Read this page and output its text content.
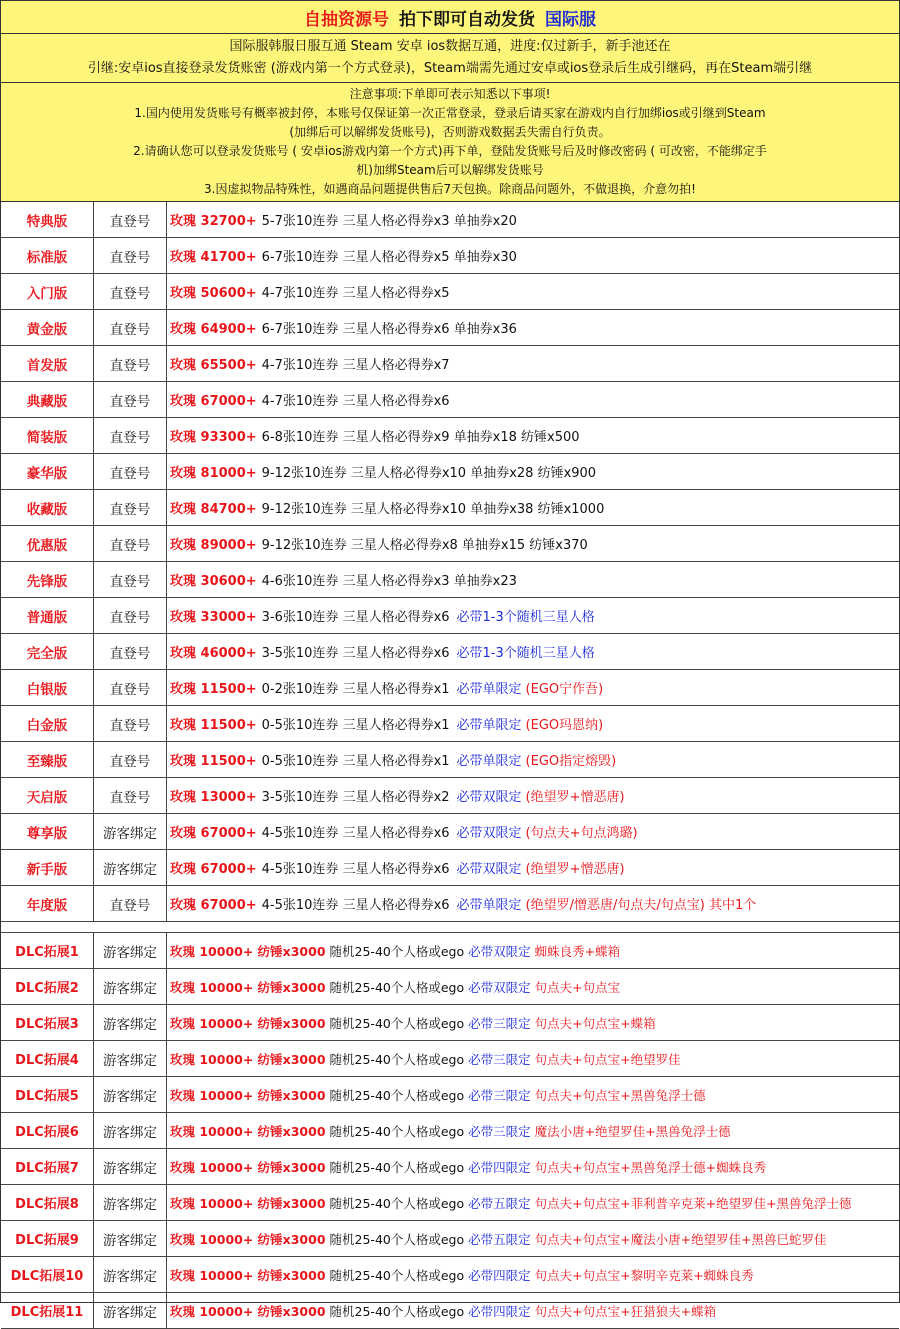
自抽资源号 拍下即可自动发货 国际服
国际服韩服日服互通 Steam 安卓 ios数据互通，进度:仅过新手，新手池还在
引继:安卓ios直接登录发货账密 (游戏内第一个方式登录)，Steam端需先通过安卓或ios登录后生成引继码，再在Steam端引继
注意事项:下单即可表示知悉以下事项!
1.国内使用发货账号有概率被封停，本账号仅保证第一次正常登录，登录后请买家在游戏内自行加绑ios或引继到Steam
(加绑后可以解绑发货账号)，否则游戏数据丢失需自行负责。
2.请确认您可以登录发货账号 ( 安卓ios游戏内第一个方式)再下单，登陆发货账号后及时修改密码 ( 可改密，不能绑定手
机)加绑Steam后可以解绑发货账号
3.因虚拟物品特殊性，如遇商品问题提供售后7天包换。除商品问题外，不做退换，介意勿拍!
特典版	直登号	玫瑰 32700+ 5-7张10连券 三星人格必得券x3 单抽券x20
标准版	直登号	玫瑰 41700+ 6-7张10连券 三星人格必得券x5 单抽券x30
入门版	直登号	玫瑰 50600+ 4-7张10连券 三星人格必得券x5
黄金版	直登号	玫瑰 64900+ 6-7张10连券 三星人格必得券x6 单抽券x36
首发版	直登号	玫瑰 65500+ 4-7张10连券 三星人格必得券x7
典藏版	直登号	玫瑰 67000+ 4-7张10连券 三星人格必得券x6
简装版	直登号	玫瑰 93300+ 6-8张10连券 三星人格必得券x9 单抽券x18 纺锤x500
豪华版	直登号	玫瑰 81000+ 9-12张10连券 三星人格必得券x10 单抽券x28 纺锤x900
收藏版	直登号	玫瑰 84700+ 9-12张10连券 三星人格必得券x10 单抽券x38 纺锤x1000
优惠版	直登号	玫瑰 89000+ 9-12张10连券 三星人格必得券x8 单抽券x15 纺锤x370
先锋版	直登号	玫瑰 30600+ 4-6张10连券 三星人格必得券x3 单抽券x23
普通版	直登号	玫瑰 33000+ 3-6张10连券 三星人格必得券x6 必带1-3个随机三星人格
完全版	直登号	玫瑰 46000+ 3-5张10连券 三星人格必得券x6 必带1-3个随机三星人格
白银版	直登号	玫瑰 11500+ 0-2张10连券 三星人格必得券x1 必带单限定 (EGO宁作吾)
白金版	直登号	玫瑰 11500+ 0-5张10连券 三星人格必得券x1 必带单限定 (EGO玛恩纳)
至臻版	直登号	玫瑰 11500+ 0-5张10连券 三星人格必得券x1 必带单限定 (EGO指定熔毁)
天启版	直登号	玫瑰 13000+ 3-5张10连券 三星人格必得券x2 必带双限定 (绝望罗+憎恶唐)
尊享版	游客绑定	玫瑰 67000+ 4-5张10连券 三星人格必得券x6 必带双限定 (句点夫+句点鸿璐)
新手版	游客绑定	玫瑰 67000+ 4-5张10连券 三星人格必得券x6 必带双限定 (绝望罗+憎恶唐)
年度版	直登号	玫瑰 67000+ 4-5张10连券 三星人格必得券x6 必带单限定 (绝望罗/憎恶唐/句点夫/句点宝) 其中1个
DLC拓展1	游客绑定	玫瑰 10000+ 纺锤x3000 随机25-40个人格或ego 必带双限定 蜘蛛良秀+蝶箱
DLC拓展2	游客绑定	玫瑰 10000+ 纺锤x3000 随机25-40个人格或ego 必带双限定 句点夫+句点宝
DLC拓展3	游客绑定	玫瑰 10000+ 纺锤x3000 随机25-40个人格或ego 必带三限定 句点夫+句点宝+蝶箱
DLC拓展4	游客绑定	玫瑰 10000+ 纺锤x3000 随机25-40个人格或ego 必带三限定 句点夫+句点宝+绝望罗佳
DLC拓展5	游客绑定	玫瑰 10000+ 纺锤x3000 随机25-40个人格或ego 必带三限定 句点夫+句点宝+黑兽兔浮士德
DLC拓展6	游客绑定	玫瑰 10000+ 纺锤x3000 随机25-40个人格或ego 必带三限定 魔法小唐+绝望罗佳+黑兽兔浮士德
DLC拓展7	游客绑定	玫瑰 10000+ 纺锤x3000 随机25-40个人格或ego 必带四限定 句点夫+句点宝+黑兽兔浮士德+蜘蛛良秀
DLC拓展8	游客绑定	玫瑰 10000+ 纺锤x3000 随机25-40个人格或ego 必带五限定 句点夫+句点宝+菲利普辛克莱+绝望罗佳+黑兽兔浮士德
DLC拓展9	游客绑定	玫瑰 10000+ 纺锤x3000 随机25-40个人格或ego 必带五限定 句点夫+句点宝+魔法小唐+绝望罗佳+黑兽巳蛇罗佳
DLC拓展10	游客绑定	玫瑰 10000+ 纺锤x3000 随机25-40个人格或ego 必带四限定 句点夫+句点宝+黎明辛克莱+蜘蛛良秀
DLC拓展11	游客绑定	玫瑰 10000+ 纺锤x3000 随机25-40个人格或ego 必带四限定 句点夫+句点宝+狂猎狼夫+蝶箱
